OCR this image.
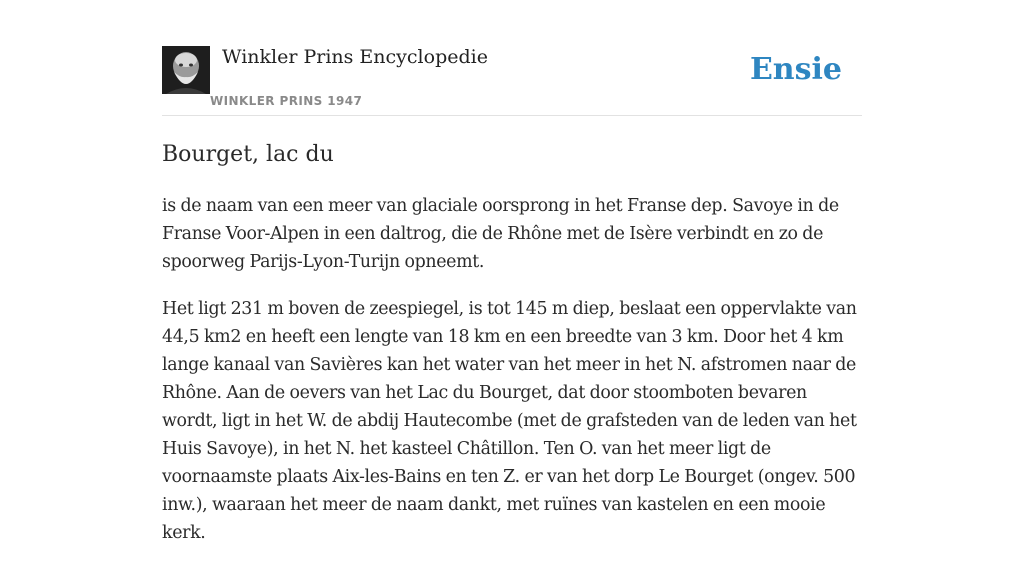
Winkler Prins Encyclopedie
WINKLER PRINS 1947
Ensie
Bourget, lac du

is de naam van een meer van glaciale oorsprong in het Franse dep. Savoye in de Franse Voor-Alpen in een daltrog, die de Rhône met de Isère verbindt en zo de spoorweg Parijs-Lyon-Turijn opneemt.

Het ligt 231 m boven de zeespiegel, is tot 145 m diep, beslaat een oppervlakte van 44,5 km2 en heeft een lengte van 18 km en een breedte van 3 km. Door het 4 km lange kanaal van Savières kan het water van het meer in het N. afstromen naar de Rhône. Aan de oevers van het Lac du Bourget, dat door stoomboten bevaren wordt, ligt in het W. de abdij Hautecombe (met de grafsteden van de leden van het Huis Savoye), in het N. het kasteel Châtillon. Ten O. van het meer ligt de voornaamste plaats Aix-les-Bains en ten Z. er van het dorp Le Bourget (ongev. 500 inw.), waaraan het meer de naam dankt, met ruïnes van kastelen en een mooie kerk.
